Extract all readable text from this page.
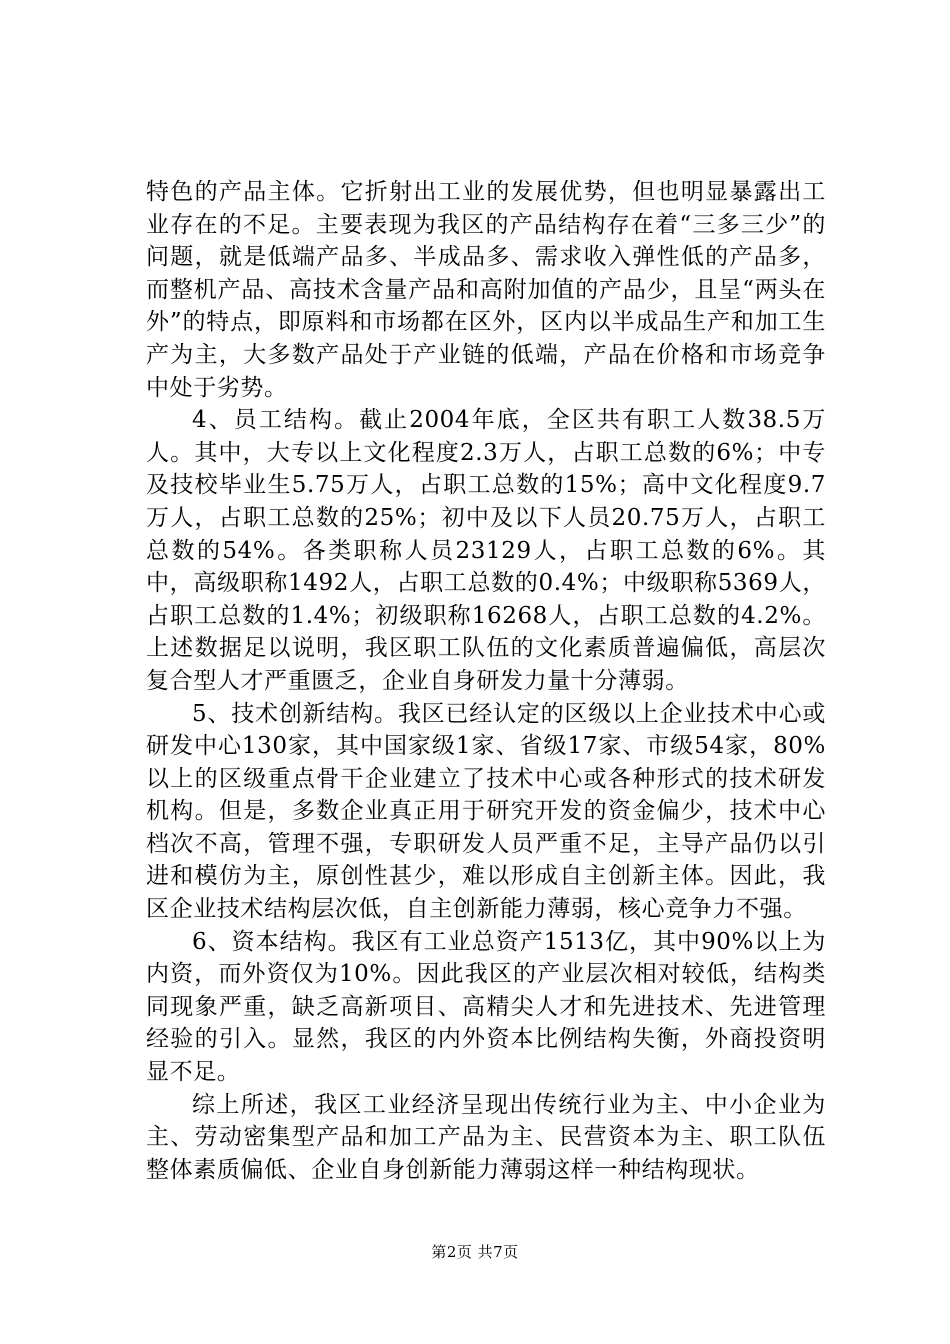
特色的产品主体。它折射出工业的发展优势，但也明显暴露出工业存在的不足。主要表现为我区的产品结构存在着“三多三少”的问题，就是低端产品多、半成品多、需求收入弹性低的产品多，而整机产品、高技术含量产品和高附加值的产品少，且呈“两头在外”的特点，即原料和市场都在区外，区内以半成品生产和加工生产为主，大多数产品处于产业链的低端，产品在价格和市场竞争中处于劣势。

4、员工结构。截止2004年底，全区共有职工人数38.5万人。其中，大专以上文化程度2.3万人，占职工总数的6%；中专及技校毕业生5.75万人，占职工总数的15%；高中文化程度9.7万人，占职工总数的25%；初中及以下人员20.75万人，占职工总数的54%。各类职称人员23129人，占职工总数的6%。其中，高级职称1492人，占职工总数的0.4%；中级职称5369人，占职工总数的1.4%；初级职称16268人，占职工总数的4.2%。上述数据足以说明，我区职工队伍的文化素质普遍偏低，高层次复合型人才严重匮乏，企业自身研发力量十分薄弱。

5、技术创新结构。我区已经认定的区级以上企业技术中心或研发中心130家，其中国家级1家、省级17家、市级54家，80%以上的区级重点骨干企业建立了技术中心或各种形式的技术研发机构。但是，多数企业真正用于研究开发的资金偏少，技术中心档次不高，管理不强，专职研发人员严重不足，主导产品仍以引进和模仿为主，原创性甚少，难以形成自主创新主体。因此，我区企业技术结构层次低，自主创新能力薄弱，核心竞争力不强。

6、资本结构。我区有工业总资产1513亿，其中90%以上为内资，而外资仅为10%。因此我区的产业层次相对较低，结构类同现象严重，缺乏高新项目、高精尖人才和先进技术、先进管理经验的引入。显然，我区的内外资本比例结构失衡，外商投资明显不足。

综上所述，我区工业经济呈现出传统行业为主、中小企业为主、劳动密集型产品和加工产品为主、民营资本为主、职工队伍整体素质偏低、企业自身创新能力薄弱这样一种结构现状。

第2页 共7页
